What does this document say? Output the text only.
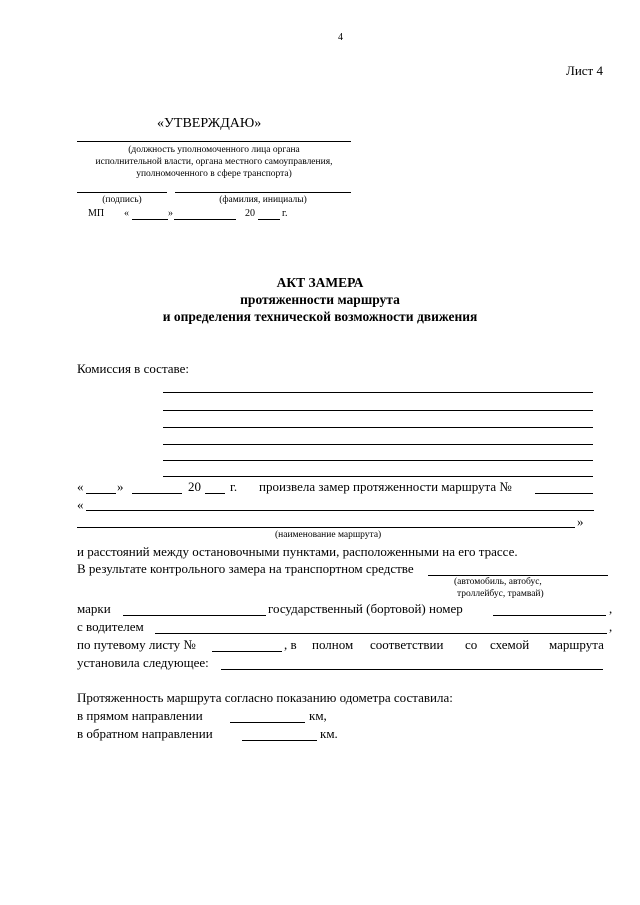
4
Лист 4
«УТВЕРЖДАЮ»
(должность уполномоченного лица органа
исполнительной власти, органа местного самоуправления,
уполномоченного в сфере транспорта)
(подпись)	(фамилия, инициалы)
МП «	»	20	г.
АКТ ЗАМЕРА
протяженности маршрута
и определения технической возможности движения
Комиссия в составе:
«	»	20 г. произвела замер протяженности маршрута №
«
»
(наименование маршрута)
и расстояний между остановочными пунктами, расположенными на его трассе.
В результате контрольного замера на транспортном средстве
(автомобиль, автобус,
троллейбус, трамвай)
марки	государственный (бортовой) номер	,
с водителем	,
по путевому листу №	, в полном соответствии со схемой маршрута
установила следующее:
Протяженность маршрута согласно показанию одометра составила:
в прямом направлении	км,
в обратном направлении	км.
